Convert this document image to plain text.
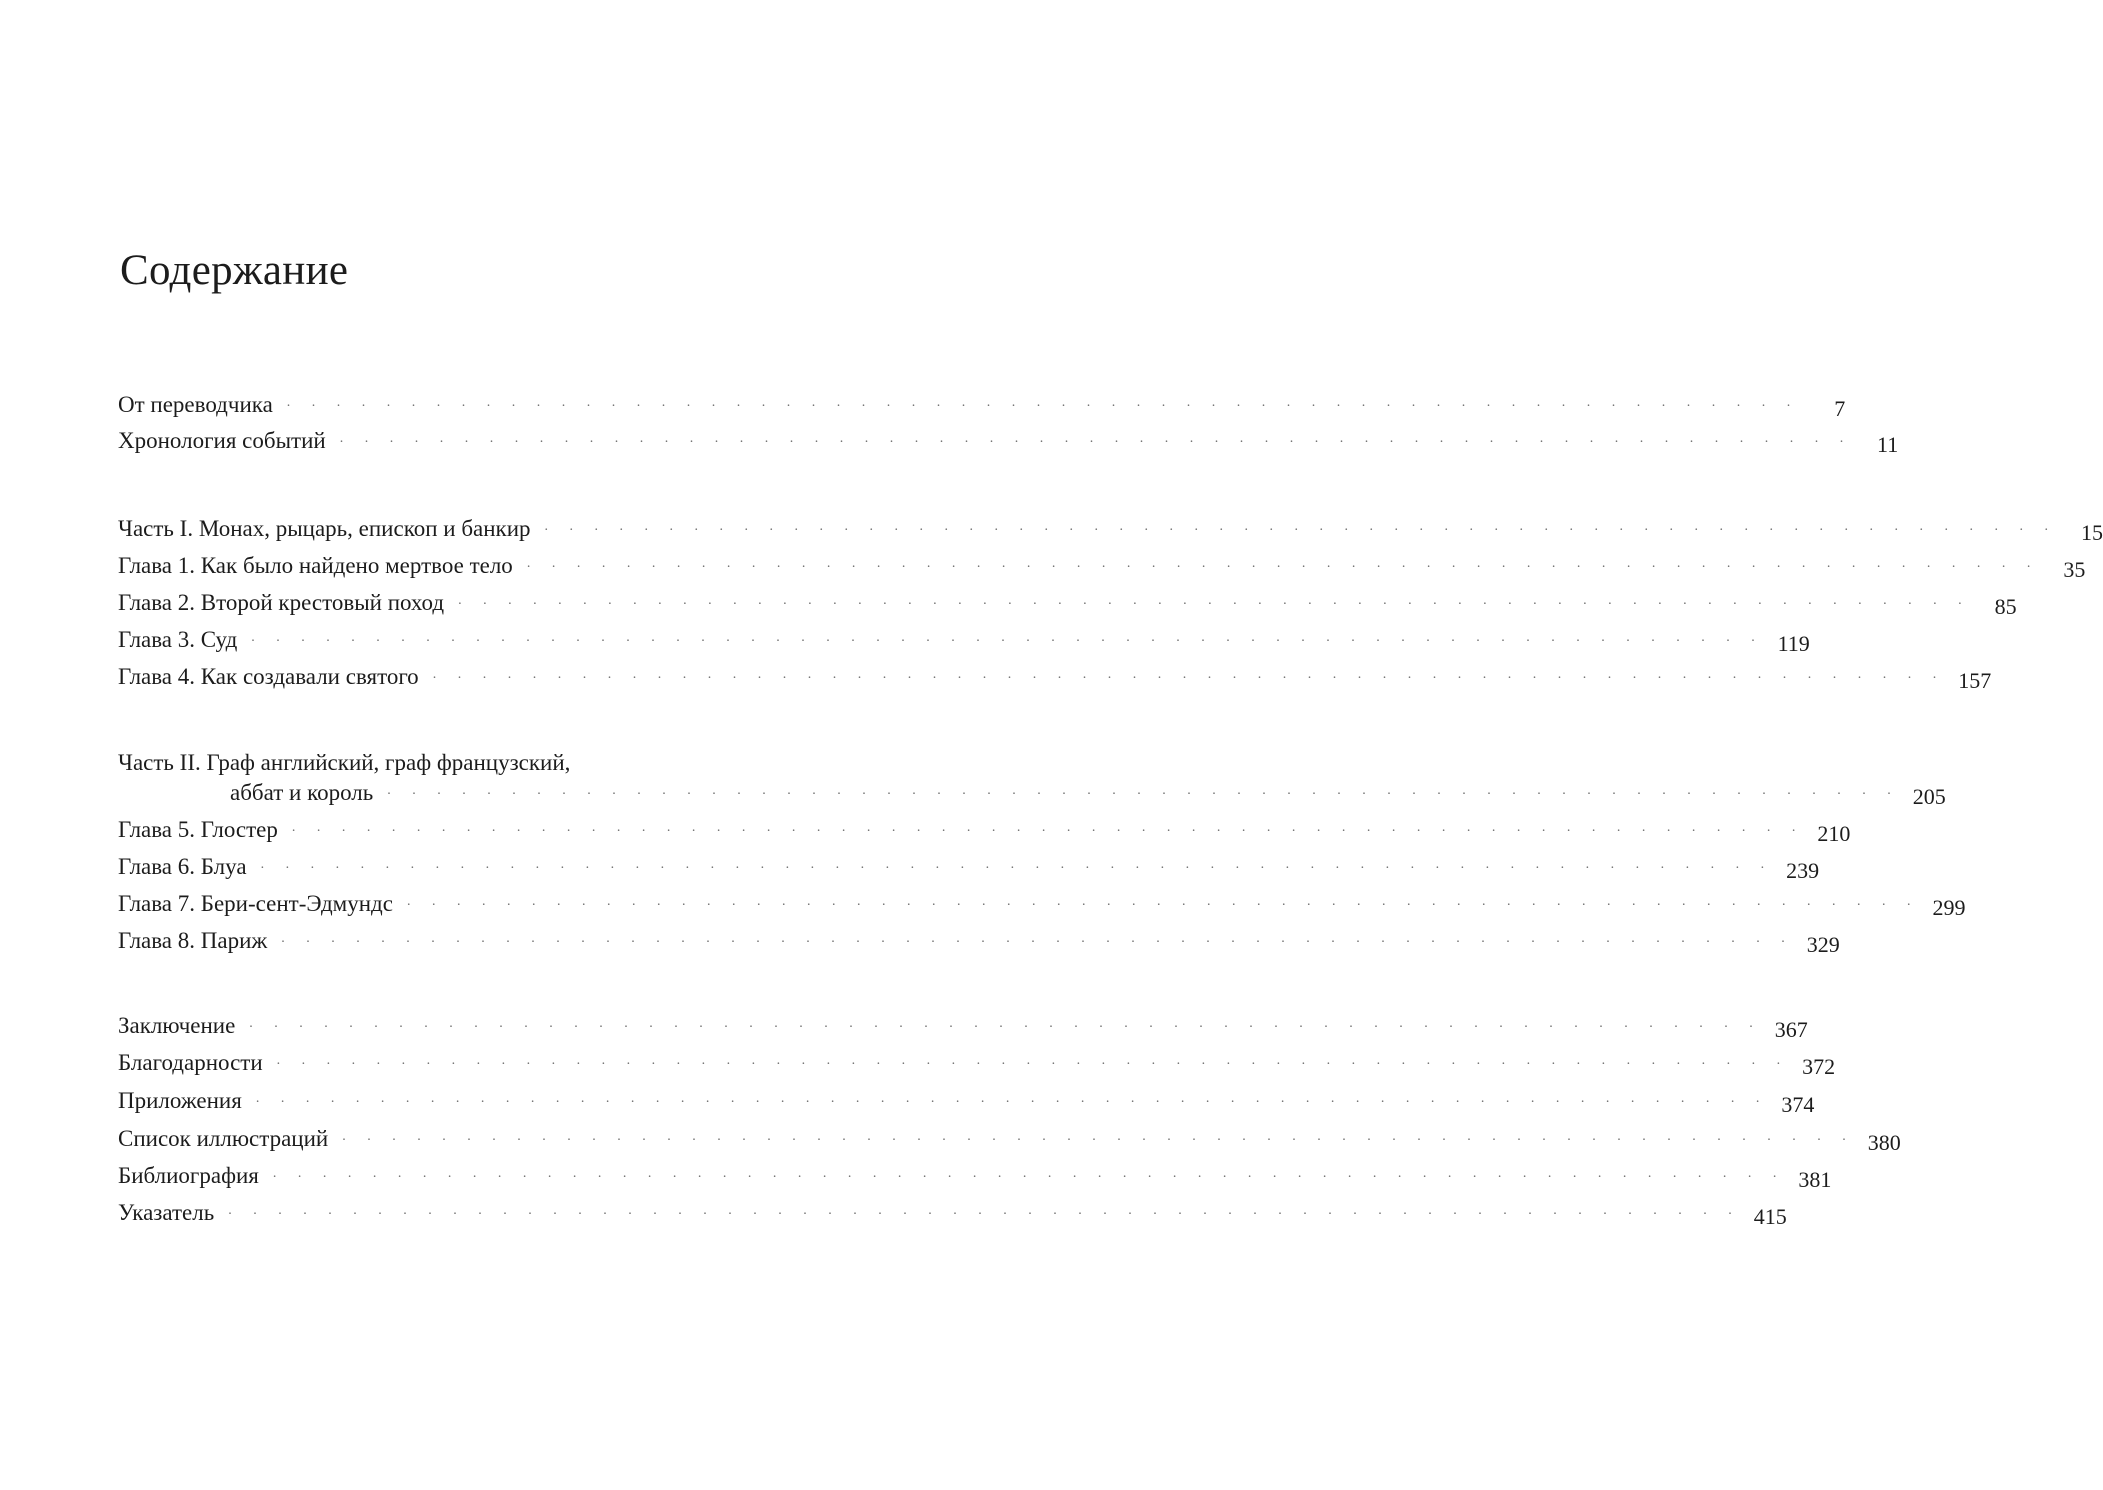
Содержание
От переводчика	. . . . . . . . . . . . . . . . . . . . . . . . . . . . . . . . . . . . . . . . . . . . . . . . . . . . . . . . . . . . .	7
Хронология событий	. . . . . . . . . . . . . . . . . . . . . . . . . . . . . . . . . . . . . . . . . . . . . . . . . . . . . . . . . . . . .	11
Часть I. Монах, рыцарь, епископ и банкир	. . . . . . . . . . . . . . . . . . . . . . . . . . . . . . . . . . . . . . . . . . . . . . . . . . . . . . . . . . . . .	15
Глава 1. Как было найдено мертвое тело	. . . . . . . . . . . . . . . . . . . . . . . . . . . . . . . . . . . . . . . . . . . . . . . . . . . . . . . . . . . . .	35
Глава 2. Второй крестовый поход	. . . . . . . . . . . . . . . . . . . . . . . . . . . . . . . . . . . . . . . . . . . . . . . . . . . . . . . . . . . . .	85
Глава 3. Суд	. . . . . . . . . . . . . . . . . . . . . . . . . . . . . . . . . . . . . . . . . . . . . . . . . . . . . . . . . . . . . 119
Глава 4. Как создавали святого	. . . . . . . . . . . . . . . . . . . . . . . . . . . . . . . . . . . . . . . . . . . . . . . . . . . . . . . . . . . . . 157
Часть II. Граф английский, граф французский,
аббат и король	. . . . . . . . . . . . . . . . . . . . . . . . . . . . . . . . . . . . . . . . . . . . . . . . . . . . . . . . . . . . . 205
Глава 5. Глостер	. . . . . . . . . . . . . . . . . . . . . . . . . . . . . . . . . . . . . . . . . . . . . . . . . . . . . . . . . . . . . 210
Глава 6. Блуа	. . . . . . . . . . . . . . . . . . . . . . . . . . . . . . . . . . . . . . . . . . . . . . . . . . . . . . . . . . . . . 239
Глава 7. Бери-сент-Эдмундс	. . . . . . . . . . . . . . . . . . . . . . . . . . . . . . . . . . . . . . . . . . . . . . . . . . . . . . . . . . . . . 299
Глава 8. Париж	. . . . . . . . . . . . . . . . . . . . . . . . . . . . . . . . . . . . . . . . . . . . . . . . . . . . . . . . . . . . . 329
Заключение	. . . . . . . . . . . . . . . . . . . . . . . . . . . . . . . . . . . . . . . . . . . . . . . . . . . . . . . . . . . . . 367
Благодарности	. . . . . . . . . . . . . . . . . . . . . . . . . . . . . . . . . . . . . . . . . . . . . . . . . . . . . . . . . . . . . 372
Приложения	. . . . . . . . . . . . . . . . . . . . . . . . . . . . . . . . . . . . . . . . . . . . . . . . . . . . . . . . . . . . . 374
Список иллюстраций	. . . . . . . . . . . . . . . . . . . . . . . . . . . . . . . . . . . . . . . . . . . . . . . . . . . . . . . . . . . . . 380
Библиография	. . . . . . . . . . . . . . . . . . . . . . . . . . . . . . . . . . . . . . . . . . . . . . . . . . . . . . . . . . . . . 381
Указатель	. . . . . . . . . . . . . . . . . . . . . . . . . . . . . . . . . . . . . . . . . . . . . . . . . . . . . . . . . . . . . 415
